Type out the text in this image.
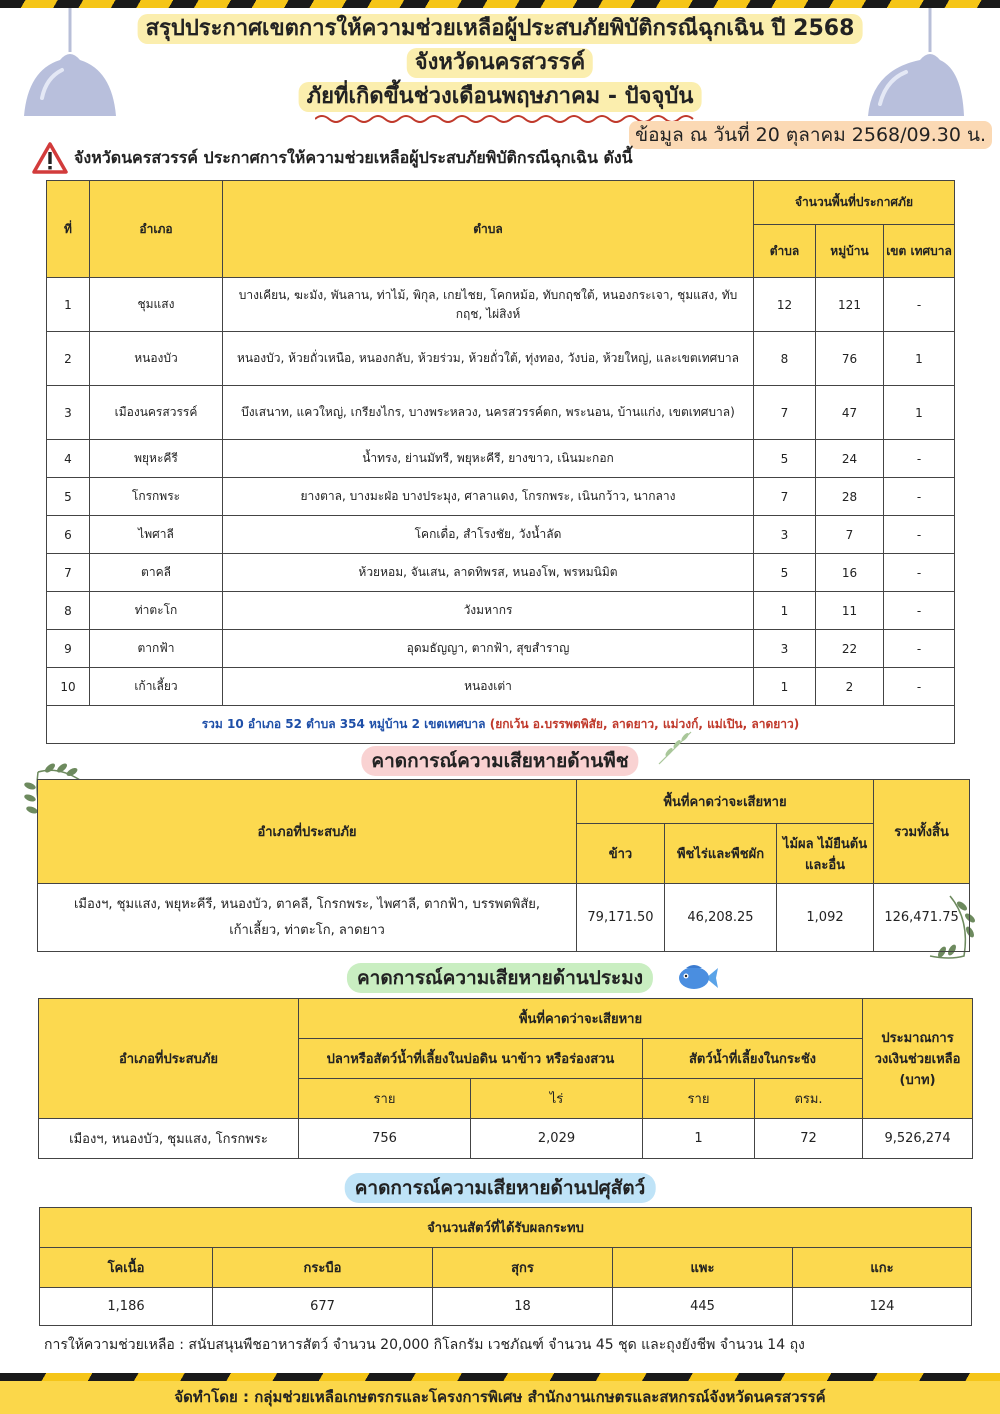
สรุปประกาศเขตการให้ความช่วยเหลือผู้ประสบภัยพิบัติกรณีฉุกเฉิน ปี 2568
จังหวัดนครสวรรค์
ภัยที่เกิดขึ้นช่วงเดือนพฤษภาคม - ปัจจุบัน
ข้อมูล ณ วันที่ 20 ตุลาคม 2568/09.30 น.
จังหวัดนครสวรรค์ ประกาศการให้ความช่วยเหลือผู้ประสบภัยพิบัติกรณีฉุกเฉิน ดังนี้
ที่	อำเภอ	ตำบล	จำนวนพื้นที่ประกาศภัย		
			ตำบล	หมู่บ้าน	เขต เทศบาล
1	ชุมแสง	บางเคียน, ฆะมัง, พันลาน, ท่าไม้, พิกุล, เกยไชย, โคกหม้อ, ทับกฤชใต้, หนองกระเจา, ชุมแสง, ทับกฤช, ไผ่สิงห์	12	121	-
2	หนองบัว	หนองบัว, ห้วยถั่วเหนือ, หนองกลับ, ห้วยร่วม, ห้วยถั่วใต้, ทุ่งทอง, วังบ่อ, ห้วยใหญ่, และเขตเทศบาล	8	76	1
3	เมืองนครสวรรค์	บึงเสนาท, แควใหญ่, เกรียงไกร, บางพระหลวง, นครสวรรค์ตก, พระนอน, บ้านแก่ง, เขตเทศบาล)	7	47	1
4	พยุหะคีรี	น้ำทรง, ย่านมัทรี, พยุหะคีรี, ยางขาว, เนินมะกอก	5	24	-
5	โกรกพระ	ยางตาล, บางมะฝ่อ บางประมุง, ศาลาแดง, โกรกพระ, เนินกว้าว, นากลาง	7	28	-
6	ไพศาลี	โคกเดื่อ, สำโรงชัย, วังน้ำลัด	3	7	-
7	ตาคลี	ห้วยหอม, จันเสน, ลาดทิพรส, หนองโพ, พรหมนิมิต	5	16	-
8	ท่าตะโก	วังมหากร	1	11	-
9	ตากฟ้า	อุดมธัญญา, ตากฟ้า, สุขสำราญ	3	22	-
10	เก้าเลี้ยว	หนองเต่า	1	2	-
รวม 10 อำเภอ 52 ตำบล 354 หมู่บ้าน 2 เขตเทศบาล (ยกเว้น อ.บรรพตพิสัย, ลาดยาว, แม่วงก์, แม่เปิน, ลาดยาว)					
คาดการณ์ความเสียหายด้านพืช
อำเภอที่ประสบภัย	พื้นที่คาดว่าจะเสียหาย			รวมทั้งสิ้น
	ข้าว	พืชไร่และพืชผัก	ไม้ผล ไม้ยืนต้นและอื่น	
เมืองฯ, ชุมแสง, พยุหะคีรี, หนองบัว, ตาคลี, โกรกพระ, ไพศาลี, ตากฟ้า, บรรพตพิสัย, เก้าเลี้ยว, ท่าตะโก, ลาดยาว	79,171.50	46,208.25	1,092	126,471.75
คาดการณ์ความเสียหายด้านประมง
อำเภอที่ประสบภัย	พื้นที่คาดว่าจะเสียหาย				ประมาณการ วงเงินช่วยเหลือ (บาท)
	ปลาหรือสัตว์น้ำที่เลี้ยงในบ่อดิน นาข้าว หรือร่องสวน		สัตว์น้ำที่เลี้ยงในกระชัง		
	ราย	ไร่	ราย	ตรม.	
เมืองฯ, หนองบัว, ชุมแสง, โกรกพระ	756	2,029	1	72	9,526,274
คาดการณ์ความเสียหายด้านปศุสัตว์
จำนวนสัตว์ที่ได้รับผลกระทบ				
โคเนื้อ	กระบือ	สุกร	แพะ	แกะ
1,186	677	18	445	124
การให้ความช่วยเหลือ : สนับสนุนพืชอาหารสัตว์ จำนวน 20,000 กิโลกรัม เวชภัณฑ์ จำนวน 45 ชุด และถุงยังชีพ จำนวน 14 ถุง
จัดทำโดย : กลุ่มช่วยเหลือเกษตรกรและโครงการพิเศษ สำนักงานเกษตรและสหกรณ์จังหวัดนครสวรรค์
